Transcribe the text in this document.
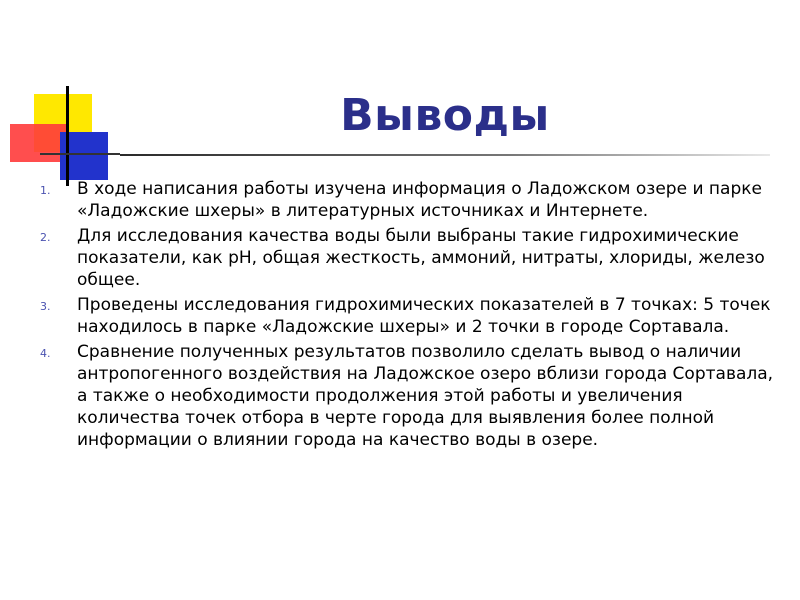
Выводы
1.	В ходе написания работы изучена информация о Ладожском озере и парке «Ладожские шхеры» в литературных источниках и Интернете.
2.	Для исследования качества воды были выбраны такие гидрохимические показатели, как pH, общая жесткость, аммоний, нитраты, хлориды, железо общее.
3.	Проведены исследования гидрохимических показателей в 7 точках: 5 точек находилось в парке «Ладожские шхеры» и 2 точки в городе Сортавала.
4.	Сравнение полученных результатов позволило сделать вывод о наличии антропогенного воздействия на Ладожское озеро вблизи города Сортавала, а также о необходимости продолжения этой работы и увеличения количества точек отбора в черте города для выявления более полной информации о влиянии города на качество воды в озере.
